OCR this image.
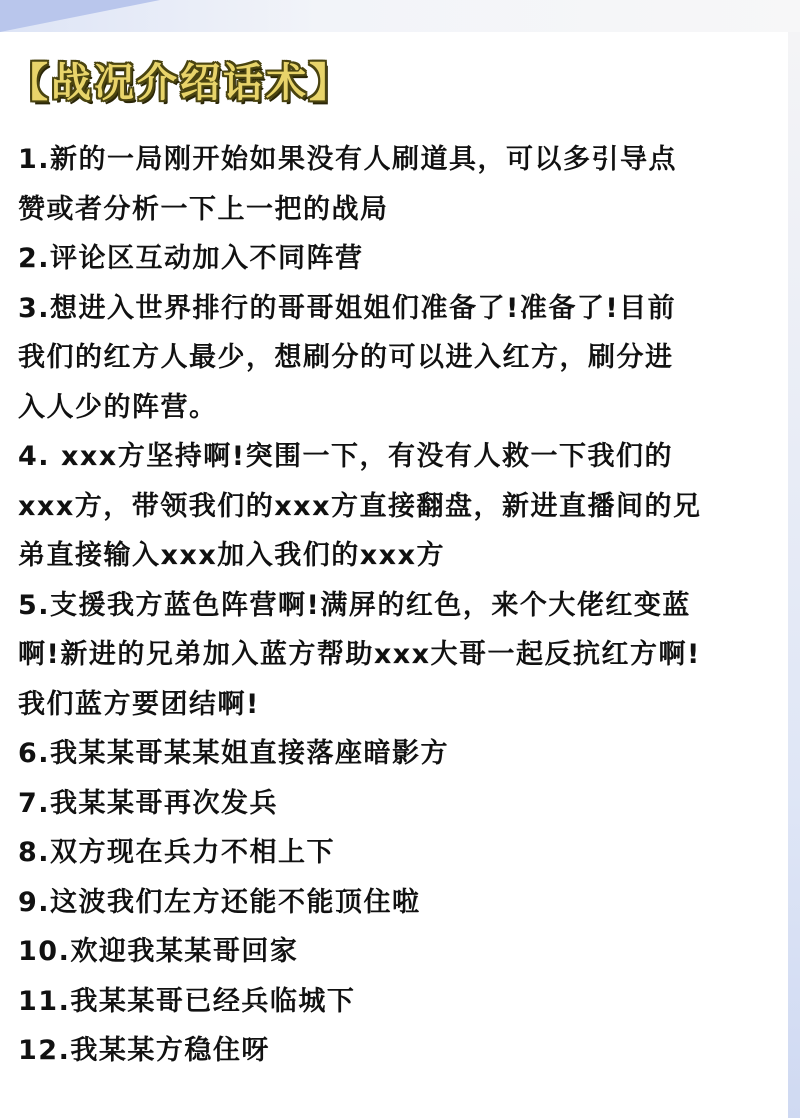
【战况介绍话术】
1.新的一局刚开始如果没有人刷道具，可以多引导点
赞或者分析一下上一把的战局
2.评论区互动加入不同阵营
3.想进入世界排行的哥哥姐姐们准备了!准备了!目前
我们的红方人最少，想刷分的可以进入红方，刷分进
入人少的阵营。
4. xxx方坚持啊!突围一下，有没有人救一下我们的
xxx方，带领我们的xxx方直接翻盘，新进直播间的兄
弟直接输入xxx加入我们的xxx方
5.支援我方蓝色阵营啊!满屏的红色，来个大佬红变蓝
啊!新进的兄弟加入蓝方帮助xxx大哥一起反抗红方啊!
我们蓝方要团结啊!
6.我某某哥某某姐直接落座暗影方
7.我某某哥再次发兵
8.双方现在兵力不相上下
9.这波我们左方还能不能顶住啦
10.欢迎我某某哥回家
11.我某某哥已经兵临城下
12.我某某方稳住呀
